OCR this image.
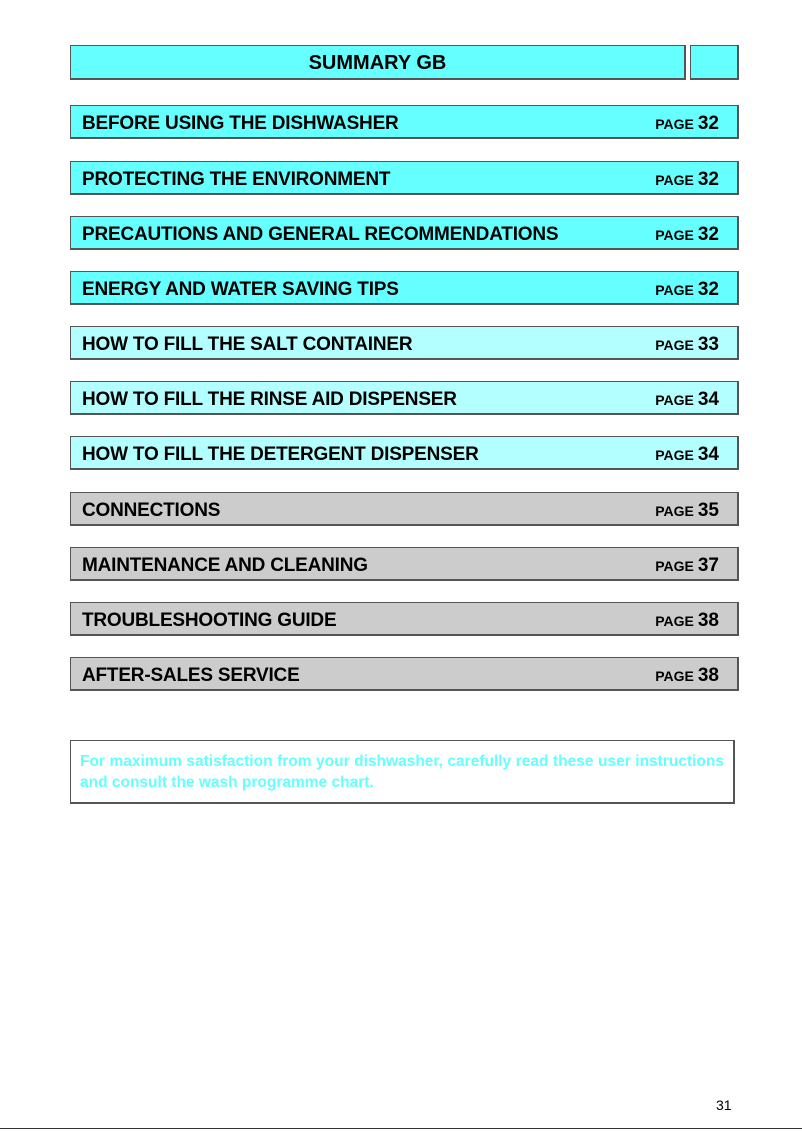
SUMMARY GB
BEFORE USING THE DISHWASHER	PAGE 32
PROTECTING THE ENVIRONMENT	PAGE 32
PRECAUTIONS AND GENERAL RECOMMENDATIONS	PAGE 32
ENERGY AND WATER SAVING TIPS	PAGE 32
HOW TO FILL THE SALT CONTAINER	PAGE 33
HOW TO FILL THE RINSE AID DISPENSER	PAGE 34
HOW TO FILL THE DETERGENT DISPENSER	PAGE 34
CONNECTIONS	PAGE 35
MAINTENANCE AND CLEANING	PAGE 37
TROUBLESHOOTING GUIDE	PAGE 38
AFTER-SALES SERVICE	PAGE 38
For maximum satisfaction from your dishwasher, carefully read these user instructions and consult the wash programme chart.
31
